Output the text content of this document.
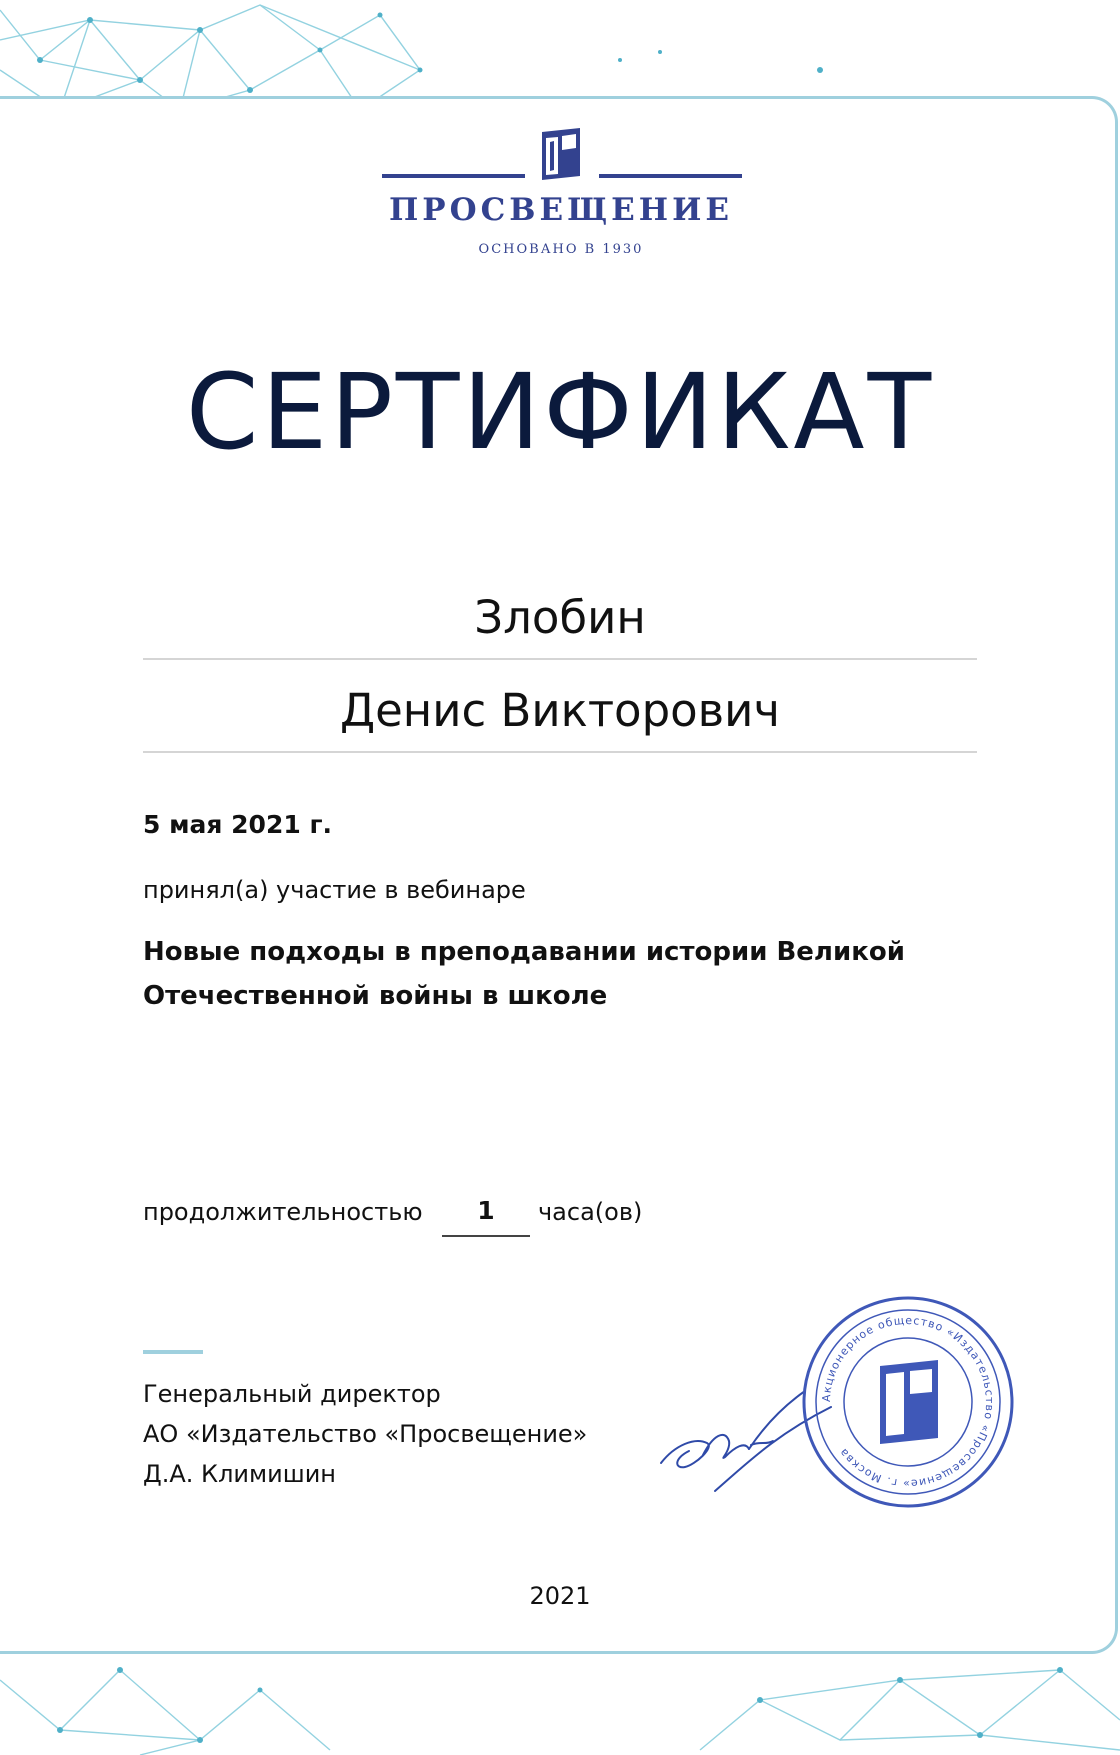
ПРОСВЕЩЕНИЕ
ОСНОВАНО В 1930
СЕРТИФИКАТ
Злобин
Денис Викторович
5 мая 2021 г.
принял(а) участие в вебинаре
Новые подходы в преподавании истории Великой Отечественной войны в школе
продолжительностью	1	часа(ов)
Генеральный директор
АО «Издательство «Просвещение»
Д.А. Климишин
Акционерное общество «Издательство «Просвещение» г. Москва
2021
